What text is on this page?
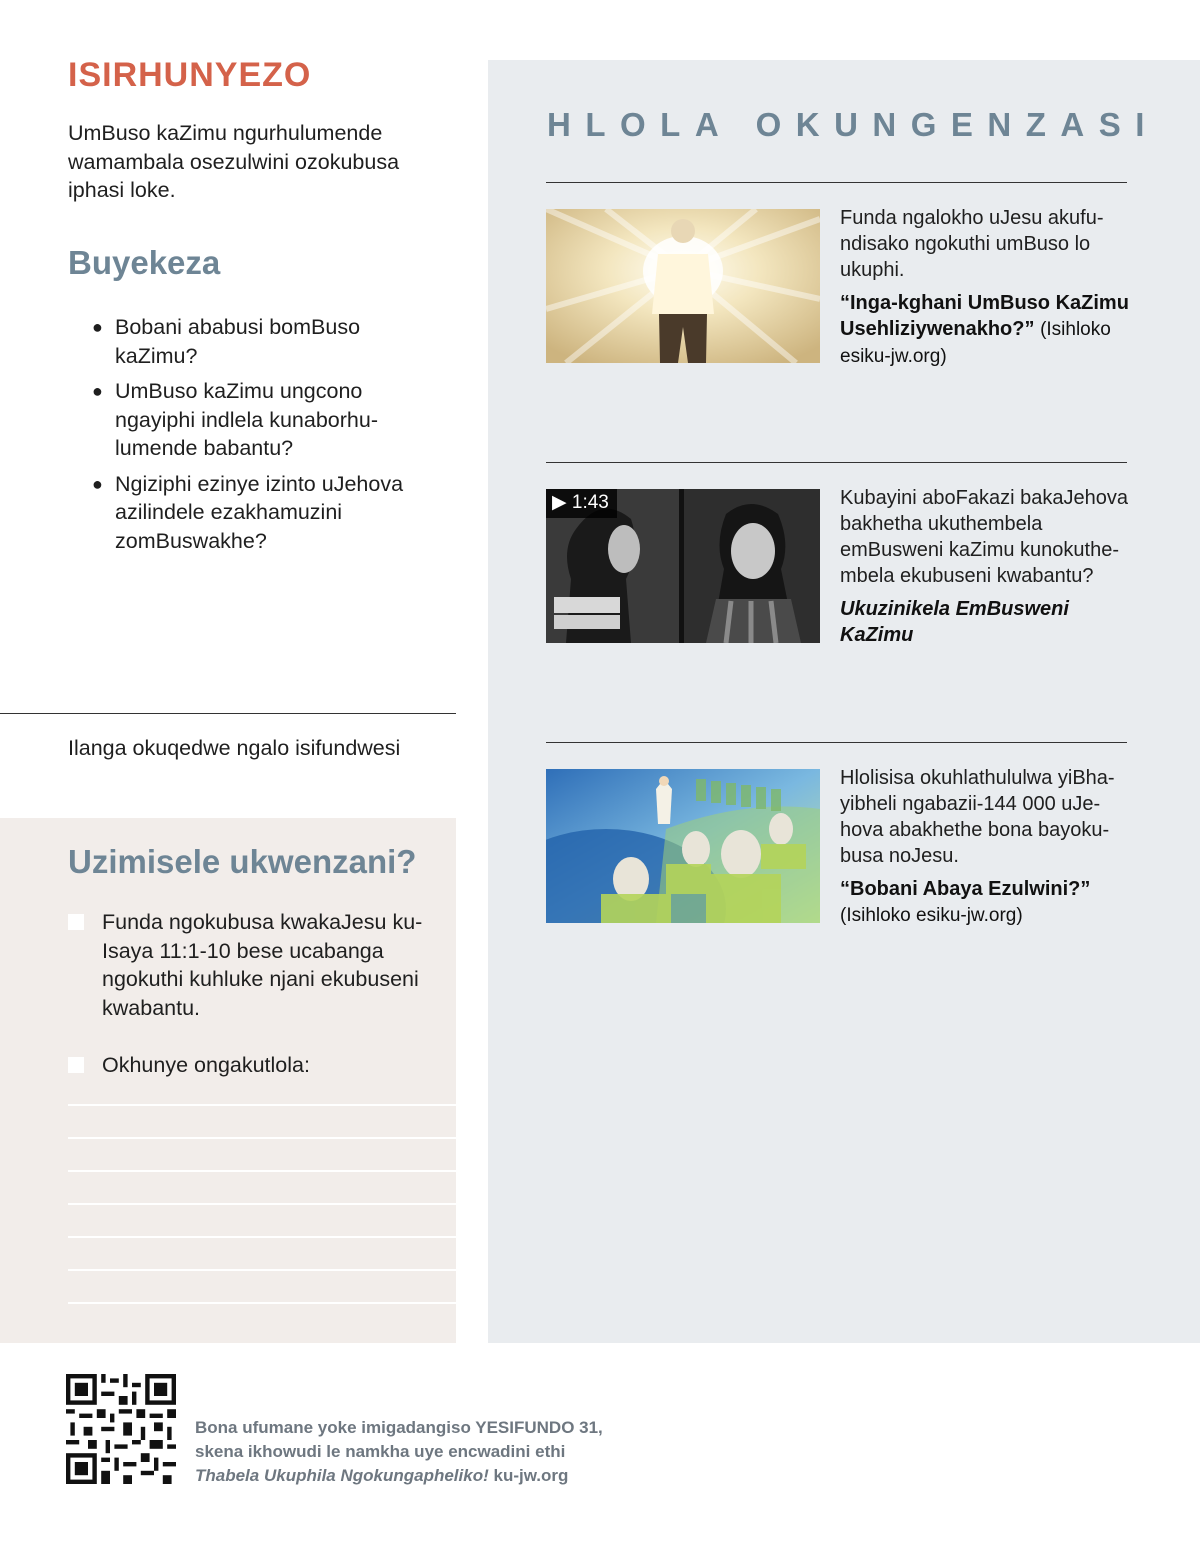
ISIRHUNYEZO
UmBuso kaZimu ngurhulumende wamambala osezulwini ozokubusa iphasi loke.
Buyekeza
● Bobani ababusi bomBuso kaZimu?
● UmBuso kaZimu ungcono ngayiphi indlela kunaborhulumende babantu?
● Ngiziphi ezinye izinto uJehova azilindele ezakhamuzini zomBuswakhe?
Ilanga okuqedwe ngalo isifundwesi
Uzimisele ukwenzani?
Funda ngokubusa kwakaJesu ku-Isaya 11:1-10 bese ucabanga ngokuthi kuhluke njani ekubuseni kwabantu.
Okhunye ongakutlola:
HLOLA OKUNGENZASI
Funda ngalokho uJesu akufundisako ngokuthi umBuso lo ukuphi.
“Inga-kghani UmBuso KaZimu Usehliziywenakho?” (Isihloko esiku-jw.org)
▶ 1:43	Kubayini aboFakazi bakaJehova bakhetha ukuthembela emBusweni kaZimu kunokuthembela ekubuseni kwabantu?
Ukuzinikela EmBusweni KaZimu
Hlolisisa okuhlathululwa yiBhayibheli ngabazii-144 000 uJehova abakhethe bona bayokubusa noJesu.
“Bobani Abaya Ezulwini?”
(Isihloko esiku-jw.org)
Bona ufumane yoke imigadangiso YESIFUNDO 31,
skena ikhowudi le namkha uye encwadini ethi
Thabela Ukuphila Ngokungapheliko! ku-jw.org
